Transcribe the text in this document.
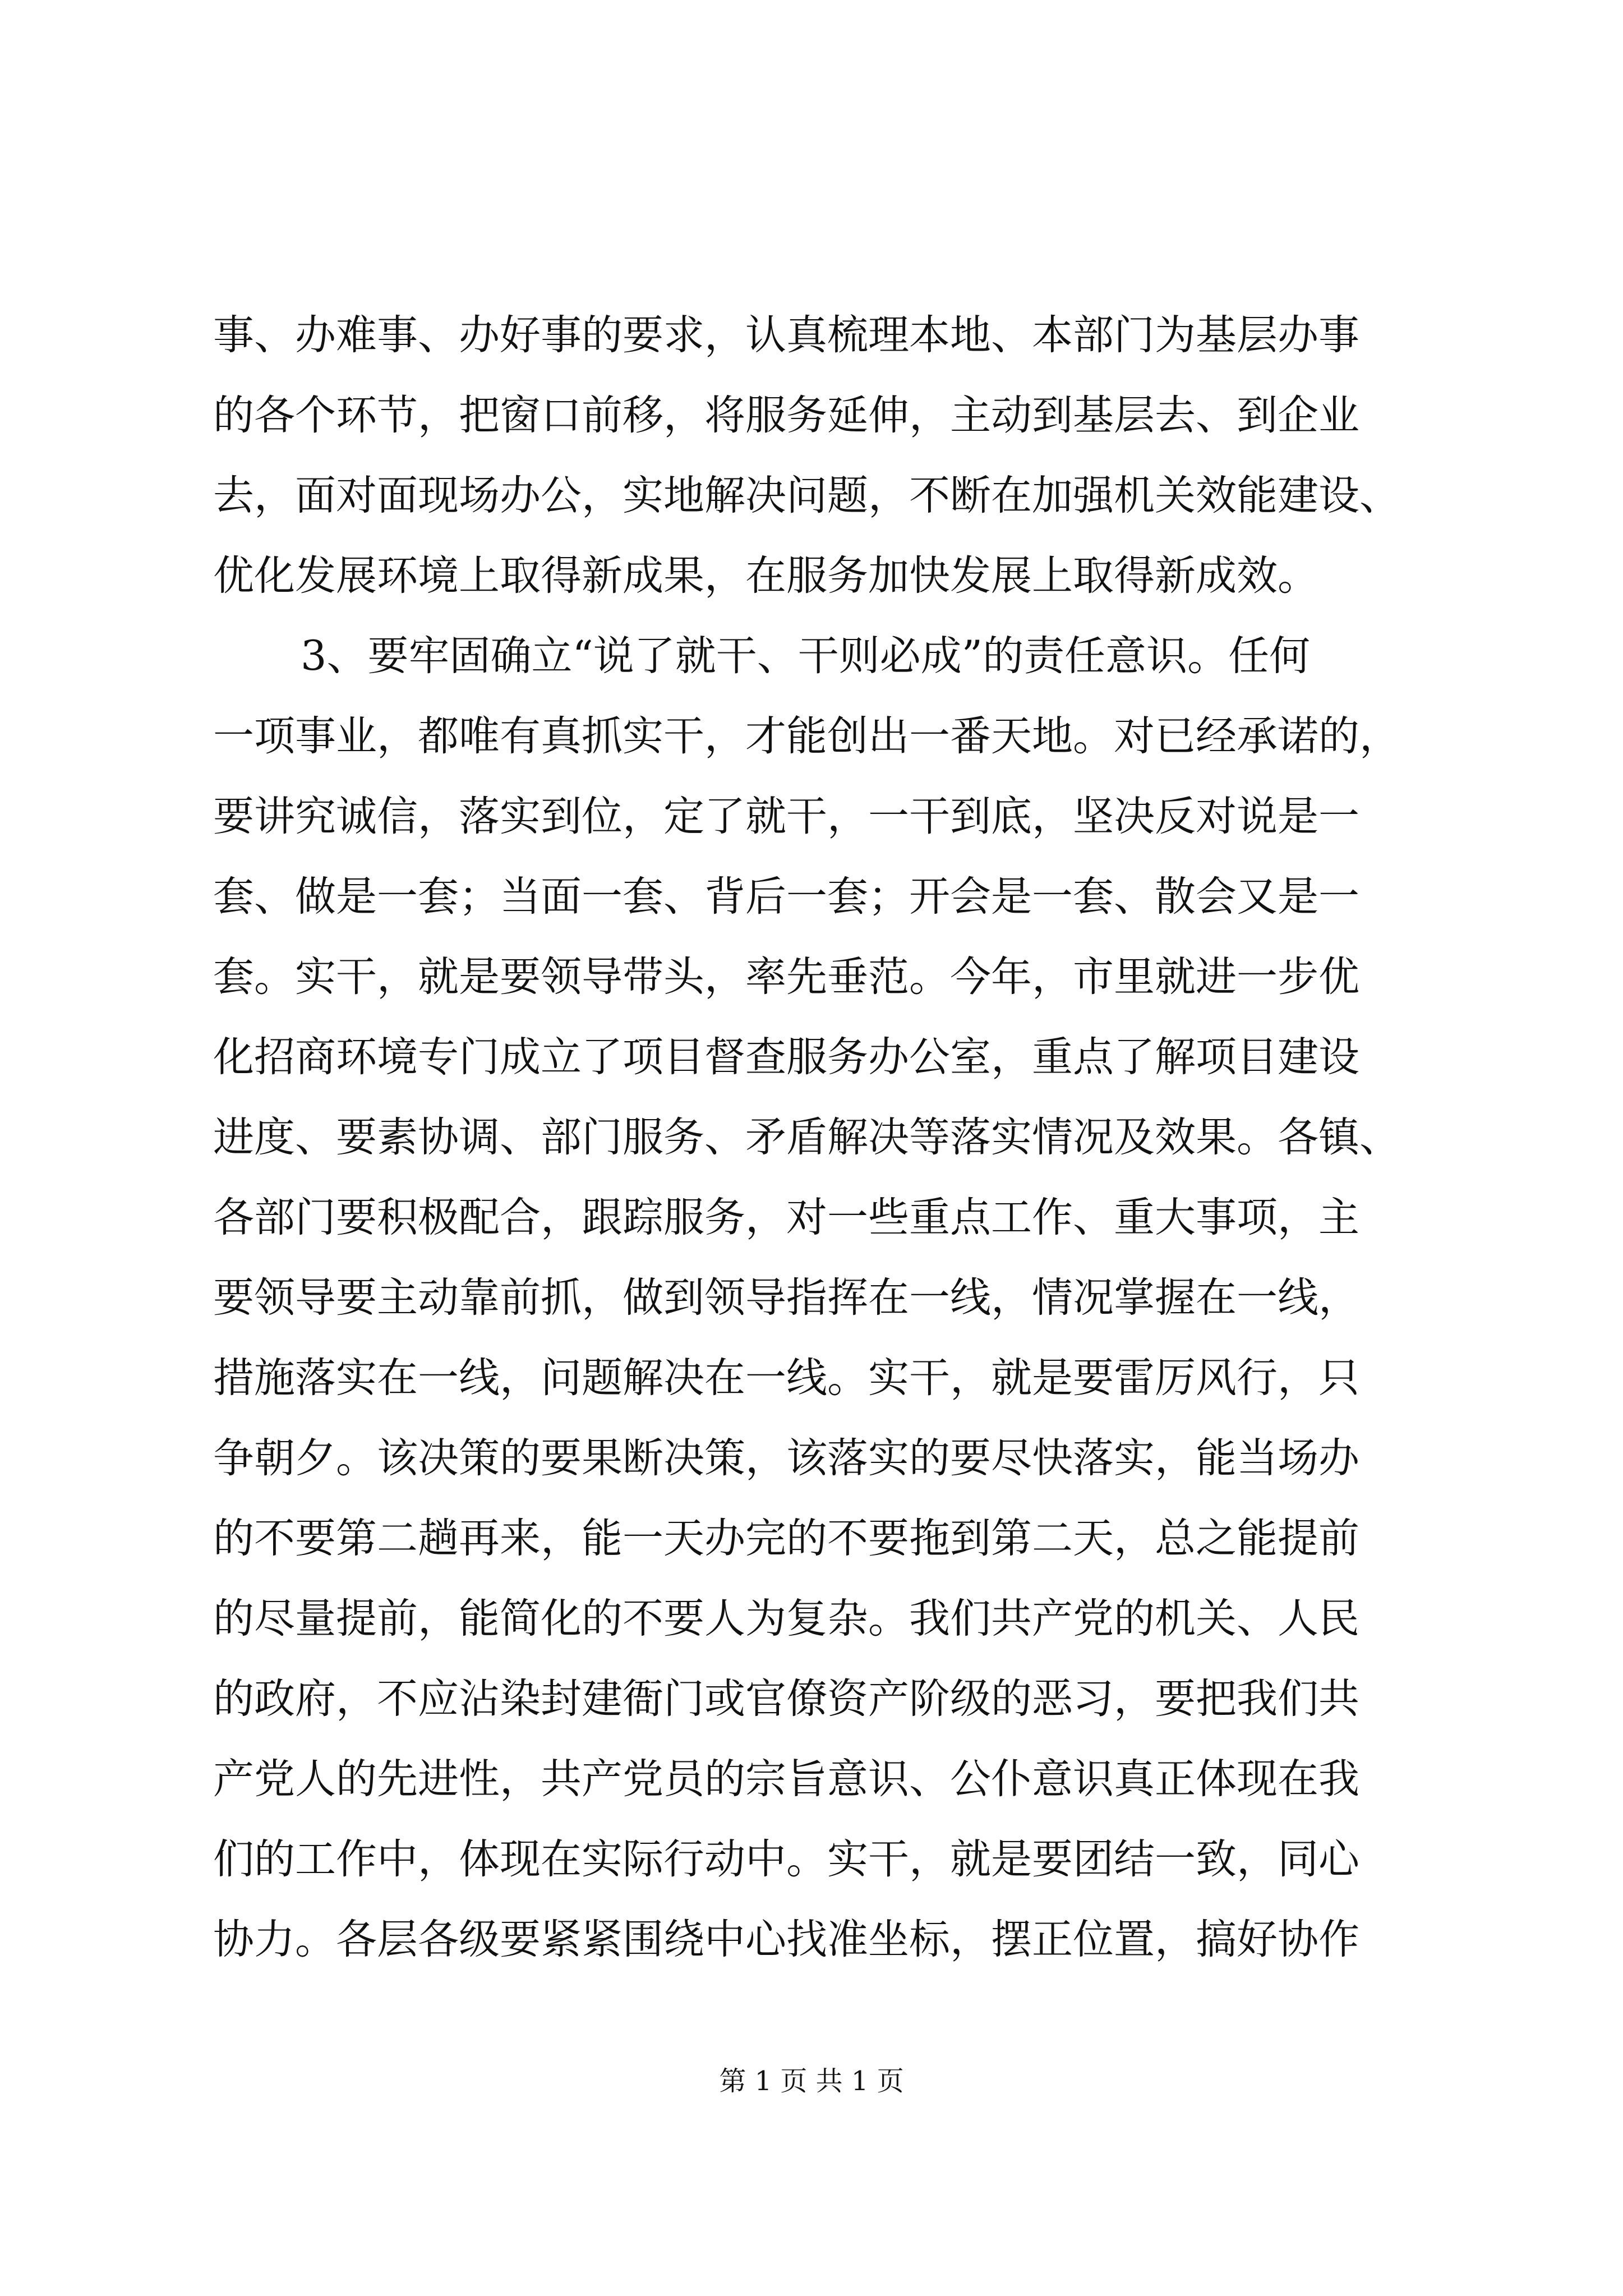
事、办难事、办好事的要求，认真梳理本地、本部门为基层办事
的各个环节，把窗口前移，将服务延伸，主动到基层去、到企业
去，面对面现场办公，实地解决问题，不断在加强机关效能建设、
优化发展环境上取得新成果，在服务加快发展上取得新成效。
3、要牢固确立“说了就干、干则必成”的责任意识。任何
一项事业，都唯有真抓实干，才能创出一番天地。对已经承诺的，
要讲究诚信，落实到位，定了就干，一干到底，坚决反对说是一
套、做是一套；当面一套、背后一套；开会是一套、散会又是一
套。实干，就是要领导带头，率先垂范。今年，市里就进一步优
化招商环境专门成立了项目督查服务办公室，重点了解项目建设
进度、要素协调、部门服务、矛盾解决等落实情况及效果。各镇、
各部门要积极配合，跟踪服务，对一些重点工作、重大事项，主
要领导要主动靠前抓，做到领导指挥在一线，情况掌握在一线，
措施落实在一线，问题解决在一线。实干，就是要雷厉风行，只
争朝夕。该决策的要果断决策，该落实的要尽快落实，能当场办
的不要第二趟再来，能一天办完的不要拖到第二天，总之能提前
的尽量提前，能简化的不要人为复杂。我们共产党的机关、人民
的政府，不应沾染封建衙门或官僚资产阶级的恶习，要把我们共
产党人的先进性，共产党员的宗旨意识、公仆意识真正体现在我
们的工作中，体现在实际行动中。实干，就是要团结一致，同心
协力。各层各级要紧紧围绕中心找准坐标，摆正位置，搞好协作
第 1 页 共 1 页
